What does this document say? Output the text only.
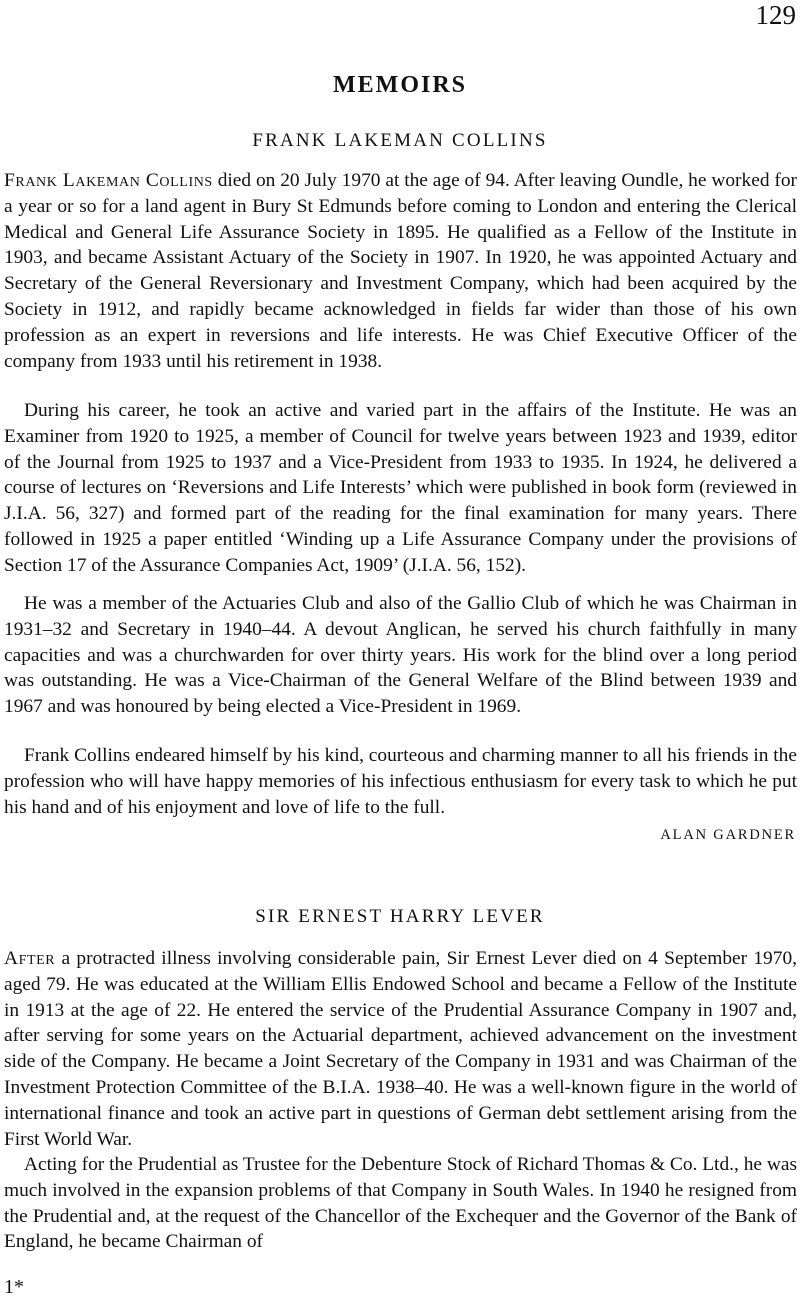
129
MEMOIRS
FRANK LAKEMAN COLLINS

Frank Lakeman Collins died on 20 July 1970 at the age of 94. After leaving Oundle, he worked for a year or so for a land agent in Bury St Edmunds before coming to London and entering the Clerical Medical and General Life Assurance Society in 1895. He qualified as a Fellow of the Institute in 1903, and became Assistant Actuary of the Society in 1907. In 1920, he was appointed Actuary and Secretary of the General Reversionary and Investment Company, which had been acquired by the Society in 1912, and rapidly became acknowledged in fields far wider than those of his own profession as an expert in reversions and life interests. He was Chief Executive Officer of the company from 1933 until his retirement in 1938.

During his career, he took an active and varied part in the affairs of the Institute. He was an Examiner from 1920 to 1925, a member of Council for twelve years between 1923 and 1939, editor of the Journal from 1925 to 1937 and a Vice-President from 1933 to 1935. In 1924, he delivered a course of lectures on ‘Reversions and Life Interests’ which were published in book form (reviewed in J.I.A. 56, 327) and formed part of the reading for the final examination for many years. There followed in 1925 a paper entitled ‘Winding up a Life Assurance Company under the provisions of Section 17 of the Assurance Companies Act, 1909’ (J.I.A. 56, 152).

He was a member of the Actuaries Club and also of the Gallio Club of which he was Chairman in 1931–32 and Secretary in 1940–44. A devout Anglican, he served his church faithfully in many capacities and was a churchwarden for over thirty years. His work for the blind over a long period was outstanding. He was a Vice-Chairman of the General Welfare of the Blind between 1939 and 1967 and was honoured by being elected a Vice-President in 1969.

Frank Collins endeared himself by his kind, courteous and charming manner to all his friends in the profession who will have happy memories of his infectious enthusiasm for every task to which he put his hand and of his enjoyment and love of life to the full.

ALAN GARDNER
SIR ERNEST HARRY LEVER

After a protracted illness involving considerable pain, Sir Ernest Lever died on 4 September 1970, aged 79. He was educated at the William Ellis Endowed School and became a Fellow of the Institute in 1913 at the age of 22. He entered the service of the Prudential Assurance Company in 1907 and, after serving for some years on the Actuarial department, achieved advancement on the investment side of the Company. He became a Joint Secretary of the Company in 1931 and was Chairman of the Investment Protection Committee of the B.I.A. 1938–40. He was a well-known figure in the world of international finance and took an active part in questions of German debt settlement arising from the First World War.

Acting for the Prudential as Trustee for the Debenture Stock of Richard Thomas & Co. Ltd., he was much involved in the expansion problems of that Company in South Wales. In 1940 he resigned from the Prudential and, at the request of the Chancellor of the Exchequer and the Governor of the Bank of England, he became Chairman of

1*
